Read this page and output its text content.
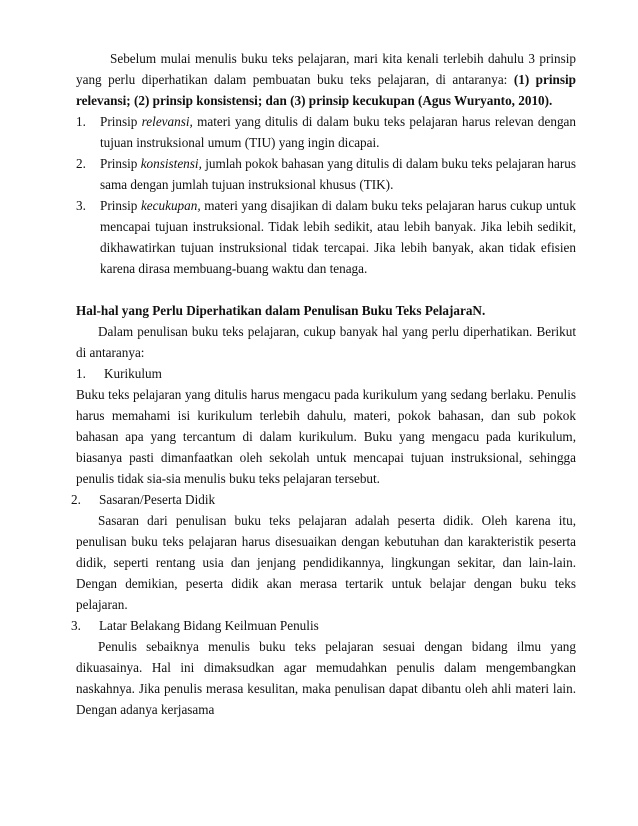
Sebelum mulai menulis buku teks pelajaran, mari kita kenali terlebih dahulu 3 prinsip yang perlu diperhatikan dalam pembuatan buku teks pelajaran, di antaranya: (1) prinsip relevansi; (2) prinsip konsistensi; dan (3) prinsip kecukupan (Agus Wuryanto, 2010).

1.	Prinsip relevansi, materi yang ditulis di dalam buku teks pelajaran harus relevan dengan tujuan instruksional umum (TIU) yang ingin dicapai.

2.	Prinsip konsistensi, jumlah pokok bahasan yang ditulis di dalam buku teks pelajaran harus sama dengan jumlah tujuan instruksional khusus (TIK).

3.	Prinsip kecukupan, materi yang disajikan di dalam buku teks pelajaran harus cukup untuk mencapai tujuan instruksional. Tidak lebih sedikit, atau lebih banyak. Jika lebih sedikit, dikhawatirkan tujuan instruksional tidak tercapai. Jika lebih banyak, akan tidak efisien karena dirasa membuang-buang waktu dan tenaga.

Hal-hal yang Perlu Diperhatikan dalam Penulisan Buku Teks PelajaraN.

Dalam penulisan buku teks pelajaran, cukup banyak hal yang perlu diperhatikan. Berikut di antaranya:

1.	Kurikulum

Buku teks pelajaran yang ditulis harus mengacu pada kurikulum yang sedang berlaku. Penulis harus memahami isi kurikulum terlebih dahulu, materi, pokok bahasan, dan sub pokok bahasan apa yang tercantum di dalam kurikulum. Buku yang mengacu pada kurikulum, biasanya pasti dimanfaatkan oleh sekolah untuk mencapai tujuan instruksional, sehingga penulis tidak sia-sia menulis buku teks pelajaran tersebut.

2.	Sasaran/Peserta Didik

Sasaran dari penulisan buku teks pelajaran adalah peserta didik. Oleh karena itu, penulisan buku teks pelajaran harus disesuaikan dengan kebutuhan dan karakteristik peserta didik, seperti rentang usia dan jenjang pendidikannya, lingkungan sekitar, dan lain-lain. Dengan demikian, peserta didik akan merasa tertarik untuk belajar dengan buku teks pelajaran.

3.	Latar Belakang Bidang Keilmuan Penulis

Penulis sebaiknya menulis buku teks pelajaran sesuai dengan bidang ilmu yang dikuasainya. Hal ini dimaksudkan agar memudahkan penulis dalam mengembangkan naskahnya. Jika penulis merasa kesulitan, maka penulisan dapat dibantu oleh ahli materi lain. Dengan adanya kerjasama
